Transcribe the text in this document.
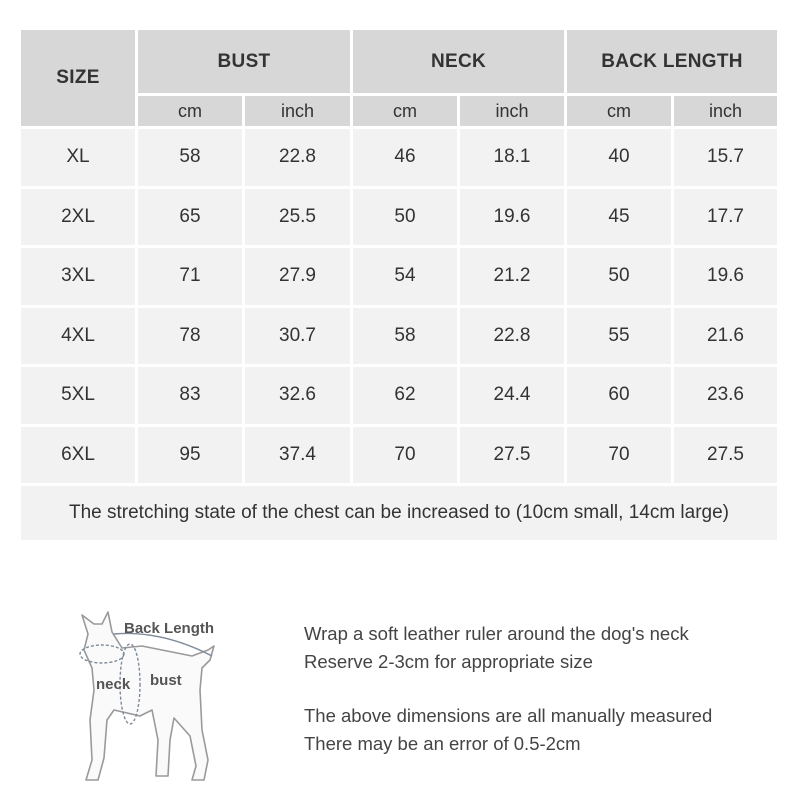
SIZE	BUST		NECK		BACK LENGTH	
	cm	inch	cm	inch	cm	inch
XL	58	22.8	46	18.1	40	15.7
2XL	65	25.5	50	19.6	45	17.7
3XL	71	27.9	54	21.2	50	19.6
4XL	78	30.7	58	22.8	55	21.6
5XL	83	32.6	62	24.4	60	23.6
6XL	95	37.4	70	27.5	70	27.5
The stretching state of the chest can be increased to (10cm small, 14cm large)						
Back Length
neck bust

Wrap a soft leather ruler around the dog's neck

Reserve 2-3cm for appropriate size

The above dimensions are all manually measured

There may be an error of 0.5-2cm
